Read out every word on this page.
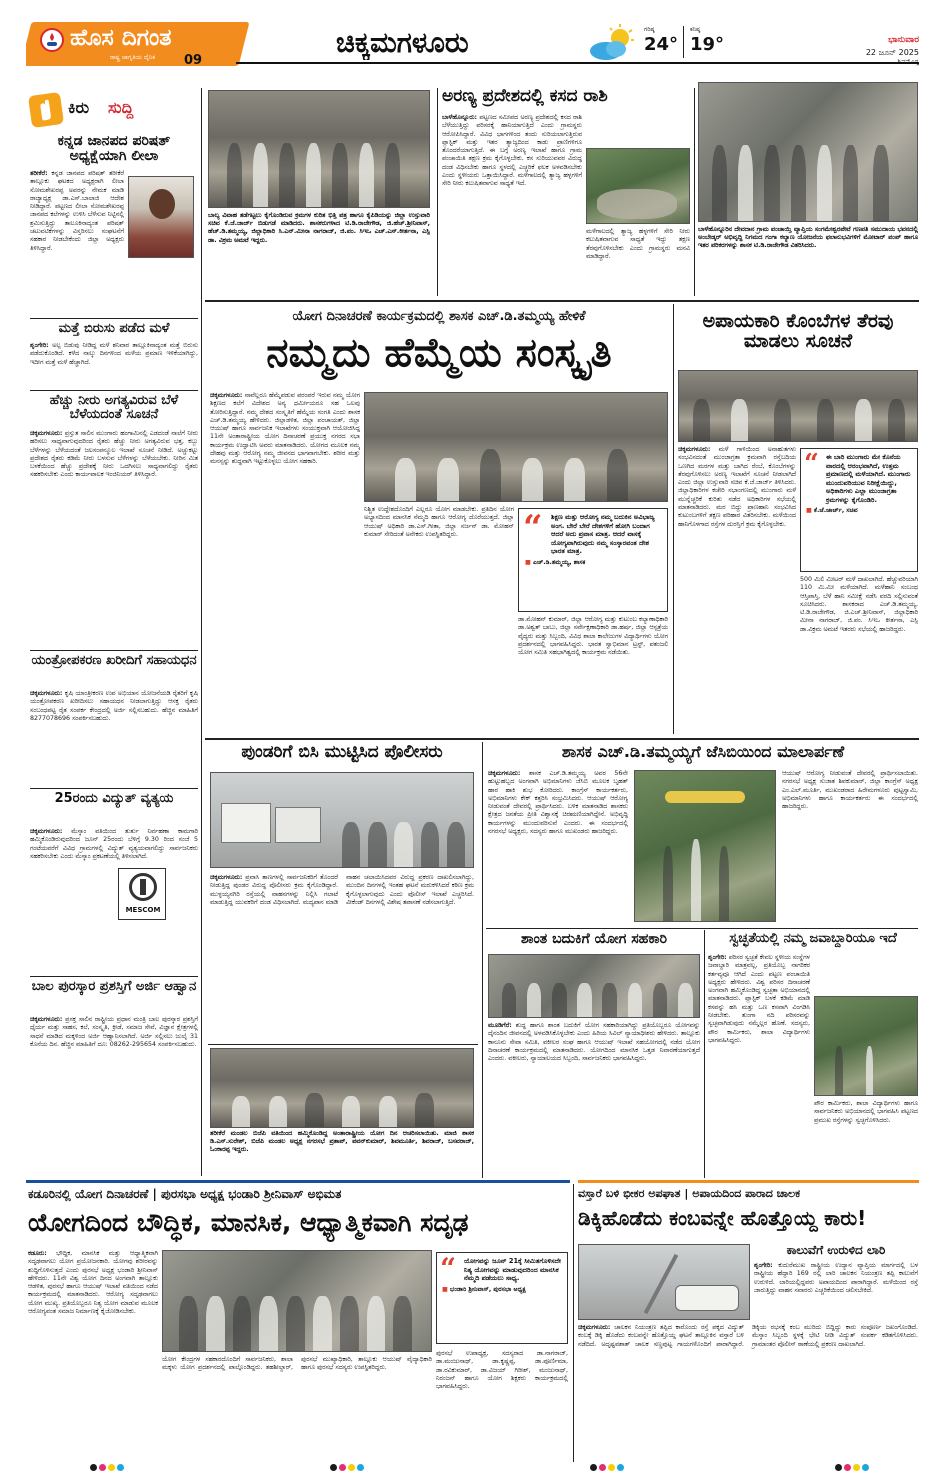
ಹೊಸ ದಿಗಂತ
ರಾಷ್ಟ್ರ ಜಾಗೃತಿಯ ದೈನಿಕ	09
ಚಿಕ್ಕಮಗಳೂರು	ಗರಿಷ್ಠ
24°
ಕನಿಷ್ಠ
19°	ಭಾನುವಾರ
22 ಜೂನ್ 2025
ಶಿವಮೊಗ್ಗ
ಕಿರು	ಸುದ್ದಿ
ಕನ್ನಡ ಜಾನಪದ ಪರಿಷತ್ ಅಧ್ಯಕ್ಷೆಯಾಗಿ ಲೀಲಾ
ತರೀಕೆರೆ: ಕನ್ನಡ ಜಾನಪದ ಪರಿಷತ್ ತರೀಕೆರೆ ತಾಲ್ಲೂಕು ಘಟಕದ ಅಧ್ಯಕ್ಷರಾಗಿ ಲೀಲಾ ಸೋಮಶೇಖರಪ್ಪ ಅವರನ್ನು ನೇಮಕ ಮಾಡಿ ರಾಜ್ಯಾಧ್ಯಕ್ಷ ಡಾ.ಎಸ್.ಬಾಲಾಜಿ ಆದೇಶ ನೀಡಿದ್ದಾರೆ. ಪಟ್ಟಣದ ಲೀಲಾ ಸೋಮಶೇಖರಪ್ಪ ಜಾನಪದ ಕಲೆಗಳನ್ನು ಉಳಿಸಿ ಬೆಳೆಸುವ ನಿಟ್ಟಿನಲ್ಲಿ ಶ್ರಮಿಸುತ್ತಿದ್ದು ತಾಲೂಕಿನಾದ್ಯಂತ ಪರಿಷತ್ ಚಟುವಟಿಕೆಗಳನ್ನು ವಿಸ್ತರಿಸಲು ಸಂಘಟನೆಗೆ ಸಹಕಾರ ನೀಡಬೇಕೆಂದು ಜಿಲ್ಲಾ ಅಧ್ಯಕ್ಷರು ತಿಳಿಸಿದ್ದಾರೆ.
ಮತ್ತೆ ಬಿರುಸು ಪಡೆದ ಮಳೆ
ಶೃಂಗೇರಿ: ಅಲ್ಪ ಬಿಡುವು ನೀಡಿದ್ದ ಮಳೆ ಶನಿವಾರ ತಾಲ್ಲೂಕಿನಾದ್ಯಂತ ಮತ್ತೆ ಬಿರುಸು ಪಡೆದುಕೊಂಡಿದೆ. ಕಳೆದ ನಾಲ್ಕು ದಿನಗಳಿಂದ ಮಳೆಯ ಪ್ರಮಾಣ ಇಳಿಕೆಯಾಗಿದ್ದು, ಇದೀಗ ಮತ್ತೆ ಮಳೆ ಹೆಚ್ಚಾಗಿದೆ.
ಹೆಚ್ಚು ನೀರು ಅಗತ್ಯವಿರುವ ಬೆಳೆ ಬೆಳೆಯದಂತೆ ಸೂಚನೆ
ಚಿಕ್ಕಮಗಳೂರು: ಪ್ರಸ್ತುತ ಸಾಲಿನ ಮುಂಗಾರು ಹಂಗಾಮಿನಲ್ಲಿ ಎಡದಂಡೆ ನಾಲೆಗೆ ನೀರು ಹರಿಸಲು ಸಾಧ್ಯವಾಗುವುದರಿಂದ ರೈತರು ಹೆಚ್ಚು ನೀರು ಅಗತ್ಯವಿರುವ ಭತ್ತ, ಕಬ್ಬು ಬೆಳೆಗಳನ್ನು ಬೆಳೆಯದಂತೆ ಜಲಸಂಪನ್ಮೂಲ ಇಲಾಖೆ ಸೂಚನೆ ನೀಡಿದೆ. ಅಚ್ಚುಕಟ್ಟು ಪ್ರದೇಶದ ರೈತರು ಕಡಿಮೆ ನೀರು ಬಳಸುವ ಬೆಳೆಗಳನ್ನು ಬೆಳೆಯಬೇಕು. ನೀರಿನ ಮಿತ ಬಳಕೆಯಿಂದ ಹೆಚ್ಚು ಪ್ರದೇಶಕ್ಕೆ ನೀರು ಒದಗಿಸಲು ಸಾಧ್ಯವಾಗಲಿದ್ದು ರೈತರು ಸಹಕರಿಸಬೇಕು ಎಂದು ಕಾರ್ಯಪಾಲಕ ಇಂಜಿನಿಯರ್ ತಿಳಿಸಿದ್ದಾರೆ.
ಯಂತ್ರೋಪಕರಣ ಖರೀದಿಗೆ ಸಹಾಯಧನ
ಚಿಕ್ಕಮಗಳೂರು: ಕೃಷಿ ಯಾಂತ್ರೀಕರಣ ಉಪ ಅಭಿಯಾನ ಯೋಜನೆಯಡಿ ರೈತರಿಗೆ ಕೃಷಿ ಯಂತ್ರೋಪಕರಣ ಖರೀದಿಸಲು ಸಹಾಯಧನ ನೀಡಲಾಗುತ್ತಿದ್ದು ಆಸಕ್ತ ರೈತರು ಸಂಬಂಧಪಟ್ಟ ರೈತ ಸಂಪರ್ಕ ಕೇಂದ್ರದಲ್ಲಿ ಅರ್ಜಿ ಸಲ್ಲಿಸಬಹುದು. ಹೆಚ್ಚಿನ ಮಾಹಿತಿಗೆ 8277078696 ಸಂಪರ್ಕಿಸಬಹುದು.
25ರಂದು ವಿದ್ಯುತ್ ವ್ಯತ್ಯಯ
ಚಿಕ್ಕಮಗಳೂರು: ಮೆಸ್ಕಾಂ ವತಿಯಿಂದ ತುರ್ತು ನಿರ್ವಹಣಾ ಕಾಮಗಾರಿ ಹಮ್ಮಿಕೊಂಡಿರುವುದರಿಂದ ಜೂನ್ 25ರಂದು ಬೆಳಿಗ್ಗೆ 9.30 ರಿಂದ ಸಂಜೆ 5 ಗಂಟೆಯವರೆಗೆ ವಿವಿಧ ಗ್ರಾಮಗಳಲ್ಲಿ ವಿದ್ಯುತ್ ವ್ಯತ್ಯಯವಾಗಲಿದ್ದು ಸಾರ್ವಜನಿಕರು ಸಹಕರಿಸಬೇಕು ಎಂದು ಮೆಸ್ಕಾಂ ಪ್ರಕಟಣೆಯಲ್ಲಿ ತಿಳಿಸಲಾಗಿದೆ.
MESCOM
ಬಾಲ ಪುರಸ್ಕಾರ ಪ್ರಶಸ್ತಿಗೆ ಅರ್ಜಿ ಆಹ್ವಾನ
ಚಿಕ್ಕಮಗಳೂರು: ಪ್ರಸಕ್ತ ಸಾಲಿನ ರಾಷ್ಟ್ರೀಯ ಪ್ರಧಾನ ಮಂತ್ರಿ ಬಾಲ ಪುರಸ್ಕಾರ ಪ್ರಶಸ್ತಿಗೆ ಧೈರ್ಯ ಮತ್ತು ಸಾಹಸ, ಕಲೆ, ಸಂಸ್ಕೃತಿ, ಕ್ರೀಡೆ, ಸಮಾಜ ಸೇವೆ, ವಿಜ್ಞಾನ ಕ್ಷೇತ್ರಗಳಲ್ಲಿ ಸಾಧನೆ ಮಾಡಿದ ಮಕ್ಕಳಿಂದ ಅರ್ಜಿ ಆಹ್ವಾನಿಸಲಾಗಿದೆ. ಅರ್ಜಿ ಸಲ್ಲಿಸಲು ಜುಲೈ 31 ಕೊನೆಯ ದಿನ. ಹೆಚ್ಚಿನ ಮಾಹಿತಿಗೆ ದೂ: 08262-295654 ಸಂಪರ್ಕಿಸಬಹುದು.
ಬಾಲ್ಯ ವಿವಾಹ ತಡೆಗಟ್ಟಲು ಕೈಗೊಂಡಿರುವ ಕ್ರಮಗಳ ಕುರಿತ ಭಿತ್ತಿ ಪತ್ರ ಹಾಗೂ ಕೈಪಿಡಿಯನ್ನು ಜಿಲ್ಲಾ ಉಸ್ತುವಾರಿ ಸಚಿವ ಕೆ.ಜೆ.ಜಾರ್ಜ್ ಬಿಡುಗಡೆ ಮಾಡಿದರು. ಶಾಸಕರುಗಳಾದ ಟಿ.ಡಿ.ರಾಜೇಗೌಡ, ಜಿ.ಹೆಚ್.ಶ್ರೀನಿವಾಸ್, ಹೆಚ್.ಡಿ.ತಮ್ಮಯ್ಯ, ಜಿಲ್ಲಾಧಿಕಾರಿ ಸಿ.ಎನ್.ಮೀನಾ ನಾಗರಾಜ್, ಜಿ.ಪಂ. ಸಿಇಒ ಎಚ್.ಎಸ್.ಕೀರ್ತನಾ, ಎಸ್ಪಿ ಡಾ. ವಿಕ್ರಮ ಅಮಟೆ ಇದ್ದರು.
ಅರಣ್ಯ ಪ್ರದೇಶದಲ್ಲಿ ಕಸದ ರಾಶಿ
ಬಾಳೆಹೊನ್ನೂರು: ಪಟ್ಟಣದ ಸಮೀಪದ ಅರಣ್ಯ ಪ್ರದೇಶದಲ್ಲಿ ಕಸದ ರಾಶಿ ಬೆಳೆಯುತ್ತಿದ್ದು ಪರಿಸರಕ್ಕೆ ಹಾನಿಯಾಗುತ್ತಿದೆ ಎಂದು ಗ್ರಾಮಸ್ಥರು ಆರೋಪಿಸಿದ್ದಾರೆ. ವಿವಿಧ ಭಾಗಗಳಿಂದ ತಂದು ಸುರಿಯಲಾಗುತ್ತಿರುವ ಪ್ಲಾಸ್ಟಿಕ್ ಮತ್ತು ಇತರ ತ್ಯಾಜ್ಯದಿಂದ ಕಾಡು ಪ್ರಾಣಿಗಳಿಗೂ ತೊಂದರೆಯಾಗುತ್ತಿದೆ. ಈ ಬಗ್ಗೆ ಅರಣ್ಯ ಇಲಾಖೆ ಹಾಗೂ ಗ್ರಾಮ ಪಂಚಾಯಿತಿ ತಕ್ಷಣ ಕ್ರಮ ಕೈಗೊಳ್ಳಬೇಕು. ಕಸ ಸುರಿಯುವವರ ವಿರುದ್ಧ ದಂಡ ವಿಧಿಸಬೇಕು ಹಾಗೂ ಸ್ಥಳದಲ್ಲಿ ಎಚ್ಚರಿಕೆ ಫಲಕ ಅಳವಡಿಸಬೇಕು ಎಂದು ಸ್ಥಳೀಯರು ಒತ್ತಾಯಿಸಿದ್ದಾರೆ. ಮಳೆಗಾಲದಲ್ಲಿ ತ್ಯಾಜ್ಯ ಹಳ್ಳಗಳಿಗೆ ಸೇರಿ ನೀರು ಕಲುಷಿತವಾಗುವ ಸಾಧ್ಯತೆ ಇದೆ.
ಮಳೆಗಾಲದಲ್ಲಿ ತ್ಯಾಜ್ಯ ಹಳ್ಳಗಳಿಗೆ ಸೇರಿ ನೀರು ಕಲುಷಿತವಾಗುವ ಸಾಧ್ಯತೆ ಇದ್ದು ತಕ್ಷಣ ತೆರವುಗೊಳಿಸಬೇಕು ಎಂದು ಗ್ರಾಮಸ್ಥರು ಮನವಿ ಮಾಡಿದ್ದಾರೆ.
ಬಾಳೆಹೊನ್ನೂರಿನ ದೇವದಾನ ಗ್ರಾಮ ಪಂಚಾಯ್ತಿ ವ್ಯಾಪ್ತಿಯ ಸಂಗಮೇಶ್ವರಪೇಟೆ ಗಣಪತಿ ಸಮುದಾಯ ಭವನದಲ್ಲಿ ಅಂಬೇಡ್ಕರ್ ಅಭಿವೃದ್ಧಿ ನಿಗಮದ ಗಂಗಾ ಕಲ್ಯಾಣ ಯೋಜನೆಯ ಫಲಾನುಭವಿಗಳಿಗೆ ಮೋಟಾರ್ ಪಂಪ್ ಹಾಗೂ ಇತರ ಪರಿಕರಗಳನ್ನು ಶಾಸಕ ಟಿ.ಡಿ.ರಾಜೇಗೌಡ ವಿತರಿಸಿದರು.
ಯೋಗ ದಿನಾಚರಣೆ ಕಾರ್ಯಕ್ರಮದಲ್ಲಿ ಶಾಸಕ ಎಚ್.ಡಿ.ತಮ್ಮಯ್ಯ ಹೇಳಿಕೆ
ನಮ್ಮದು ಹೆಮ್ಮೆಯ ಸಂಸ್ಕೃತಿ
ಚಿಕ್ಕಮಗಳೂರು: ನಾವೆಲ್ಲರೂ ಹೆಮ್ಮೆಪಡುವ ಪರಂಪರೆ ಇರುವ ನಮ್ಮ ಯೋಗ ಶಿಕ್ಷಣದ ಕಲೆಗೆ ವಿದೇಶದ ಅನ್ಯ ಧರ್ಮೀಯರೂ ಸಹ ಒಲವು ತೋರಿಸುತ್ತಿದ್ದಾರೆ. ನಮ್ಮ ದೇಶದ ಸಂಸ್ಕೃತಿಗೆ ಹೆಮ್ಮೆಯ ಸಂಗತಿ ಎಂದು ಶಾಸಕ ಎಚ್.ಡಿ.ತಮ್ಮಯ್ಯ ಹೇಳಿದರು. ಜಿಲ್ಲಾಡಳಿತ, ಜಿಲ್ಲಾ ಪಂಚಾಯತ್, ಜಿಲ್ಲಾ ಆಯುಷ್ ಹಾಗೂ ಸಾರ್ವಜನಿಕ ಇಲಾಖೆಗಳು ಸಂಯುಕ್ತವಾಗಿ ಆಯೋಜಿಸಿದ್ದ 11ನೇ ಅಂತಾರಾಷ್ಟ್ರೀಯ ಯೋಗ ದಿನಾಚರಣೆ ಪ್ರಯುಕ್ತ ನಗರದ ಸಭಾ ಕಾರ್ಯಕ್ರಮ ಉದ್ಘಾಟಿಸಿ ಅವರು ಮಾತನಾಡಿದರು. ಯೋಗದ ಮೂಲಕ ನಮ್ಮ ದೇಹವು ಮತ್ತು ಆರೋಗ್ಯ ನಮ್ಮ ಜೀವನದ ಭಾಗವಾಗಬೇಕು. ಶರೀರ ಮತ್ತು ಮನಸ್ಸನ್ನು ಶುದ್ಧವಾಗಿ ಇಟ್ಟುಕೊಳ್ಳಲು ಯೋಗ ಸಹಕಾರಿ.
ನಿಶ್ಚಿತ ಉದ್ದೇಶದೊಂದಿಗೆ ಎಲ್ಲರೂ ಯೋಗ ಮಾಡಬೇಕು. ಪ್ರತಿದಿನ ಯೋಗ ಅಭ್ಯಾಸದಿಂದ ಮಾನಸಿಕ ನೆಮ್ಮದಿ ಹಾಗೂ ಆರೋಗ್ಯ ದೊರೆಯುತ್ತದೆ. ಜಿಲ್ಲಾ ಆಯುಷ್ ಅಧಿಕಾರಿ ಡಾ.ಎಸ್.ಗೀತಾ, ಜಿಲ್ಲಾ ಸರ್ಜನ್ ಡಾ. ಮೋಹನ್ ಕುಮಾರ್ ಸೇರಿದಂತೆ ಅನೇಕರು ಉಪಸ್ಥಿತರಿದ್ದರು.	“ ಶಿಕ್ಷಣ ಮತ್ತು ಆರೋಗ್ಯ ನಮ್ಮ ಬದುಕಿನ ಅವಿಭಾಜ್ಯ ಅಂಗ. ಬೇರೆ ಬೇರೆ ದೇಶಗಳಿಗೆ ಹೋಗಿ ಬಂದಾಗ ಆದರೆ ಅದು ಪ್ರವಾಸ ಮಾತ್ರ. ಆದರೆ ವಾಸಕ್ಕೆ ಯೋಗ್ಯವಾಗಿರುವುದು ನಮ್ಮ ಸಂಸ್ಕಾರವಂತ ದೇಶ ಭಾರತ ಮಾತ್ರ.
■ ಎಚ್.ಡಿ.ತಮ್ಮಯ್ಯ, ಶಾಸಕ
ಡಾ.ಮೋಹನ್ ಕುಮಾರ್, ಜಿಲ್ಲಾ ಆರೋಗ್ಯ ಮತ್ತು ಕುಟುಂಬ ಕಲ್ಯಾಣಾಧಿಕಾರಿ ಡಾ.ಅಶ್ವತ್ ಬಾಬು, ಜಿಲ್ಲಾ ಸರ್ವೇಕ್ಷಣಾಧಿಕಾರಿ ಡಾ.ಹರ್ಷ, ಜಿಲ್ಲಾ ಆಸ್ಪತ್ರೆಯ ವೈದ್ಯರು ಮತ್ತು ಸಿಬ್ಬಂದಿ, ವಿವಿಧ ಶಾಲಾ ಕಾಲೇಜುಗಳ ವಿದ್ಯಾರ್ಥಿಗಳು ಯೋಗ ಪ್ರದರ್ಶನದಲ್ಲಿ ಭಾಗವಹಿಸಿದ್ದರು. ಭಾರತ ಸ್ವಾಭಿಮಾನ ಟ್ರಸ್ಟ್, ಪತಂಜಲಿ ಯೋಗ ಸಮಿತಿ ಸಹಭಾಗಿತ್ವದಲ್ಲಿ ಕಾರ್ಯಕ್ರಮ ನಡೆಯಿತು.
ಅಪಾಯಕಾರಿ ಕೊಂಬೆಗಳ ತೆರವು ಮಾಡಲು ಸೂಚನೆ
ಚಿಕ್ಕಮಗಳೂರು: ಮಳೆ ಗಾಳಿಯಿಂದ ಅನಾಹುತಗಳು ಸಂಭವಿಸದಂತೆ ಮುಂಜಾಗ್ರತಾ ಕ್ರಮವಾಗಿ ರಸ್ತೆಬದಿಯ ಒಣಗಿದ ಮರಗಳ ಮತ್ತು ಬಾಗಿದ ರೆಂಬೆ, ಕೊಂಬೆಗಳನ್ನು ತೆರವುಗೊಳಿಸಲು ಅರಣ್ಯ ಇಲಾಖೆಗೆ ಸೂಚನೆ ನೀಡಲಾಗಿದೆ ಎಂದು ಜಿಲ್ಲಾ ಉಸ್ತುವಾರಿ ಸಚಿವ ಕೆ.ಜೆ.ಜಾರ್ಜ್ ತಿಳಿಸಿದರು. ಜಿಲ್ಲಾಧಿಕಾರಿಗಳ ಕಚೇರಿ ಸಭಾಂಗಣದಲ್ಲಿ ಮುಂಗಾರು ಮಳೆ ಮುನ್ನೆಚ್ಚರಿಕೆ ಕುರಿತು ನಡೆದ ಅಧಿಕಾರಿಗಳ ಸಭೆಯಲ್ಲಿ ಮಾತನಾಡಿದರು. ಮರ ಬಿದ್ದು ಪ್ರಾಣಹಾನಿ ಸಂಭವಿಸಿದ ಕುಟುಂಬಗಳಿಗೆ ತಕ್ಷಣ ಪರಿಹಾರ ವಿತರಿಸಬೇಕು. ಮಳೆಯಿಂದ ಹಾನಿಗೊಳಗಾದ ರಸ್ತೆಗಳ ದುರಸ್ತಿಗೆ ಕ್ರಮ ಕೈಗೊಳ್ಳಬೇಕು.
“ ಈ ಬಾರಿ ಮುಂಗಾರು ಮೇ ಕೊನೆಯ ವಾರದಲ್ಲಿ ಆರಂಭವಾಗಿದೆ, ಉತ್ತಮ ಪ್ರಮಾಣದಲ್ಲಿ ಮಳೆಯಾಗಿದೆ. ಮುಂಗಾರು ಮುಂದುವರಿಯುವ ನಿರೀಕ್ಷೆಯಿದ್ದು, ಅಧಿಕಾರಿಗಳು ಎಲ್ಲಾ ಮುಂಜಾಗ್ರತಾ ಕ್ರಮಗಳನ್ನು ಕೈಗೊಂಡಿರಿ.
■ ಕೆ.ಜೆ.ಜಾರ್ಜ್, ಸಚಿವ
500 ಮಿಲಿ ಮೀಟರ್ ಮಳೆ ದಾಖಲಾಗಿದೆ. ಹೆಚ್ಚುವರಿಯಾಗಿ 110 ಮಿ.ಮೀ ಮಳೆಯಾಗಿದೆ. ಮಳೆಹಾನಿ ಸಂಬಂಧ ಆಸ್ತಿಪಾಸ್ತಿ, ಬೆಳೆ ಹಾನಿ ಸಮೀಕ್ಷೆ ನಡೆಸಿ ವರದಿ ಸಲ್ಲಿಸುವಂತೆ ಸೂಚಿಸಿದರು. ಶಾಸಕರಾದ ಎಚ್.ಡಿ.ತಮ್ಮಯ್ಯ, ಟಿ.ಡಿ.ರಾಜೇಗೌಡ, ಜಿ.ಎಚ್.ಶ್ರೀನಿವಾಸ್, ಜಿಲ್ಲಾಧಿಕಾರಿ ಮೀನಾ ನಾಗರಾಜ್, ಜಿ.ಪಂ. ಸಿಇಒ ಕೀರ್ತನಾ, ಎಸ್ಪಿ ಡಾ.ವಿಕ್ರಮ ಅಮಟೆ ಇತರರು ಸಭೆಯಲ್ಲಿ ಹಾಜರಿದ್ದರು.
ಪುಂಡರಿಗೆ ಬಿಸಿ ಮುಟ್ಟಿಸಿದ ಪೊಲೀಸರು
ಚಿಕ್ಕಮಗಳೂರು: ಪ್ರವಾಸಿ ತಾಣಗಳಲ್ಲಿ ಸಾರ್ವಜನಿಕರಿಗೆ ತೊಂದರೆ ನೀಡುತ್ತಿದ್ದ ಪುಂಡರ ವಿರುದ್ಧ ಪೊಲೀಸರು ಕ್ರಮ ಕೈಗೊಂಡಿದ್ದಾರೆ. ಮುಳ್ಳಯ್ಯನಗಿರಿ ರಸ್ತೆಯಲ್ಲಿ ವಾಹನಗಳನ್ನು ನಿಲ್ಲಿಸಿ ಗಲಾಟೆ ಮಾಡುತ್ತಿದ್ದ ಯುವಕರಿಗೆ ದಂಡ ವಿಧಿಸಲಾಗಿದೆ. ಮದ್ಯಪಾನ ಮಾಡಿ ವಾಹನ ಚಲಾಯಿಸಿದವರ ವಿರುದ್ಧ ಪ್ರಕರಣ ದಾಖಲಿಸಲಾಗಿದ್ದು, ಮುಂದಿನ ದಿನಗಳಲ್ಲಿ ಇಂತಹ ಘಟನೆ ಮರುಕಳಿಸಿದರೆ ಕಠಿಣ ಕ್ರಮ ಕೈಗೊಳ್ಳಲಾಗುವುದು ಎಂದು ಪೊಲೀಸ್ ಇಲಾಖೆ ಎಚ್ಚರಿಸಿದೆ. ವೀಕೆಂಡ್ ದಿನಗಳಲ್ಲಿ ವಿಶೇಷ ತಪಾಸಣೆ ನಡೆಸಲಾಗುತ್ತಿದೆ.
ತರೀಕೆರೆ ಮಂಡಲ ಬಿಜೆಪಿ ವತಿಯಿಂದ ಹಮ್ಮಿಕೊಂಡಿದ್ದ ಅಂತಾರಾಷ್ಟ್ರೀಯ ಯೋಗ ದಿನ ಆಚರಿಸಲಾಯಿತು. ಮಾಜಿ ಶಾಸಕ ಡಿ.ಎಸ್.ಸುರೇಶ್, ಬಿಜೆಪಿ ಮಂಡಲ ಅಧ್ಯಕ್ಷ ನಗರಸಭೆ ಪ್ರತಾಪ್, ಪವನ್‌ಕುಮಾರ್, ಶಿವಮೂರ್ತಿ, ಶಿವರಾಜ್, ಬಸವರಾಜ್, ಓಂಕಾರಪ್ಪ ಇದ್ದರು.
ಶಾಸಕ ಎಚ್.ಡಿ.ತಮ್ಮಯ್ಯಗೆ ಜೆಸಿಬಿಯಿಂದ ಮಾಲಾರ್ಪಣೆ
ಚಿಕ್ಕಮಗಳೂರು: ಶಾಸಕ ಎಚ್.ಡಿ.ತಮ್ಮಯ್ಯ ಅವರ 56ನೇ ಹುಟ್ಟುಹಬ್ಬದ ಅಂಗವಾಗಿ ಅಭಿಮಾನಿಗಳು ಜೆಸಿಬಿ ಮೂಲಕ ಬೃಹತ್ ಹಾರ ಹಾಕಿ ಶುಭ ಕೋರಿದರು. ಕಾಂಗ್ರೆಸ್ ಕಾರ್ಯಕರ್ತರು, ಅಭಿಮಾನಿಗಳು ಕೇಕ್ ಕತ್ತರಿಸಿ ಸಂಭ್ರಮಿಸಿದರು. ಆಯುಷ್ ಆರೋಗ್ಯ ನೀಡುವಂತೆ ದೇವರಲ್ಲಿ ಪ್ರಾರ್ಥಿಸಿದರು. ಬಳಿಕ ಮಾತನಾಡಿದ ಶಾಸಕರು ಕ್ಷೇತ್ರದ ಜನತೆಯ ಪ್ರೀತಿ ವಿಶ್ವಾಸಕ್ಕೆ ಚಿರಋಣಿಯಾಗಿದ್ದೇನೆ. ಅಭಿವೃದ್ಧಿ ಕಾರ್ಯಗಳನ್ನು ಮುಂದುವರಿಸುವೆ ಎಂದರು. ಈ ಸಂದರ್ಭದಲ್ಲಿ ನಗರಸಭೆ ಅಧ್ಯಕ್ಷರು, ಸದಸ್ಯರು ಹಾಗೂ ಮುಖಂಡರು ಹಾಜರಿದ್ದರು.
ಆಯುಷ್ ಆರೋಗ್ಯ ನೀಡುವಂತೆ ದೇವರಲ್ಲಿ ಪ್ರಾರ್ಥಿಸಲಾಯಿತು. ನಗರಸಭೆ ಅಧ್ಯಕ್ಷ ಸುಜಾತ ಶಿವಕುಮಾರ್, ಜಿಲ್ಲಾ ಕಾಂಗ್ರೆಸ್ ಅಧ್ಯಕ್ಷ ಎಂ.ಎಲ್.ಮೂರ್ತಿ, ಮುಖಂಡರಾದ ಹಿರೇಮಗಳೂರು ಪುಟ್ಟಸ್ವಾಮಿ, ಅಭಿಮಾನಿಗಳು ಹಾಗೂ ಕಾರ್ಯಕರ್ತರು ಈ ಸಂದರ್ಭದಲ್ಲಿ ಹಾಜರಿದ್ದರು.
ಶಾಂತ ಬದುಕಿಗೆ ಯೋಗ ಸಹಕಾರಿ
ಮೂಡಿಗೆರೆ: ಶುದ್ಧ ಹಾಗೂ ಶಾಂತ ಬದುಕಿಗೆ ಯೋಗ ಸಹಕಾರಿಯಾಗಿದ್ದು ಪ್ರತಿಯೊಬ್ಬರೂ ಯೋಗವನ್ನು ದೈನಂದಿನ ಜೀವನದಲ್ಲಿ ಅಳವಡಿಸಿಕೊಳ್ಳಬೇಕು ಎಂದು ಹಿರಿಯ ಸಿವಿಲ್ ನ್ಯಾಯಾಧೀಶರು ಹೇಳಿದರು. ತಾಲ್ಲೂಕು ಕಾನೂನು ಸೇವಾ ಸಮಿತಿ, ವಕೀಲರ ಸಂಘ ಹಾಗೂ ಆಯುಷ್ ಇಲಾಖೆ ಸಹಯೋಗದಲ್ಲಿ ನಡೆದ ಯೋಗ ದಿನಾಚರಣೆ ಕಾರ್ಯಕ್ರಮದಲ್ಲಿ ಮಾತನಾಡಿದರು. ಯೋಗದಿಂದ ಮಾನಸಿಕ ಒತ್ತಡ ನಿವಾರಣೆಯಾಗುತ್ತದೆ ಎಂದರು. ವಕೀಲರು, ನ್ಯಾಯಾಲಯದ ಸಿಬ್ಬಂದಿ, ಸಾರ್ವಜನಿಕರು ಭಾಗವಹಿಸಿದ್ದರು.
ಸ್ವಚ್ಛತೆಯಲ್ಲಿ ನಮ್ಮ ಜವಾಬ್ದಾರಿಯೂ ಇದೆ
ಶೃಂಗೇರಿ: ಪರಿಸರ ಸ್ವಚ್ಛತೆ ಕೇವಲ ಸ್ಥಳೀಯ ಸಂಸ್ಥೆಗಳ ಜವಾಬ್ದಾರಿ ಮಾತ್ರವಲ್ಲ, ಪ್ರತಿಯೊಬ್ಬ ನಾಗರಿಕರ ಕರ್ತವ್ಯವೂ ಆಗಿದೆ ಎಂದು ಪಟ್ಟಣ ಪಂಚಾಯಿತಿ ಅಧ್ಯಕ್ಷರು ಹೇಳಿದರು. ವಿಶ್ವ ಪರಿಸರ ದಿನಾಚರಣೆ ಅಂಗವಾಗಿ ಹಮ್ಮಿಕೊಂಡಿದ್ದ ಸ್ವಚ್ಛತಾ ಅಭಿಯಾನದಲ್ಲಿ ಮಾತನಾಡಿದರು. ಪ್ಲಾಸ್ಟಿಕ್ ಬಳಕೆ ಕಡಿಮೆ ಮಾಡಿ ಕಸವನ್ನು ಹಸಿ ಮತ್ತು ಒಣ ಕಸವಾಗಿ ವಿಂಗಡಿಸಿ ನೀಡಬೇಕು. ತುಂಗಾ ನದಿ ಪರಿಸರವನ್ನು ಸ್ವಚ್ಛವಾಗಿಡುವುದು ನಮ್ಮೆಲ್ಲರ ಹೊಣೆ. ಸದಸ್ಯರು, ಪೌರ ಕಾರ್ಮಿಕರು, ಶಾಲಾ ವಿದ್ಯಾರ್ಥಿಗಳು ಭಾಗವಹಿಸಿದ್ದರು.
ಪೌರ ಕಾರ್ಮಿಕರು, ಶಾಲಾ ವಿದ್ಯಾರ್ಥಿಗಳು ಹಾಗೂ ಸಾರ್ವಜನಿಕರು ಅಭಿಯಾನದಲ್ಲಿ ಭಾಗವಹಿಸಿ ಪಟ್ಟಣದ ಪ್ರಮುಖ ರಸ್ತೆಗಳನ್ನು ಸ್ವಚ್ಛಗೊಳಿಸಿದರು.
ಕಡೂರಿನಲ್ಲಿ ಯೋಗ ದಿನಾಚರಣೆ | ಪುರಸಭಾ ಅಧ್ಯಕ್ಷ ಭಂಡಾರಿ ಶ್ರೀನಿವಾಸ್ ಅಭಿಮತ
ಯೋಗದಿಂದ ಬೌದ್ಧಿಕ, ಮಾನಸಿಕ, ಆಧ್ಯಾತ್ಮಿಕವಾಗಿ ಸದೃಢ
ಕಡೂರು: ಭೌದ್ಧಿಕ, ಮಾನಸಿಕ ಮತ್ತು ಆಧ್ಯಾತ್ಮಿಕವಾಗಿ ಸದೃಢವಾಗಲು ಯೋಗ ಪ್ರಯೋಜನಕಾರಿ. ಯೋಗವು ಶರೀರವನ್ನು ಶುದ್ಧಿಗೊಳಿಸುತ್ತದೆ ಎಂದು ಪುರಸಭೆ ಅಧ್ಯಕ್ಷ ಭಂಡಾರಿ ಶ್ರೀನಿವಾಸ್ ಹೇಳಿದರು. 11ನೇ ವಿಶ್ವ ಯೋಗ ದಿನದ ಅಂಗವಾಗಿ ತಾಲ್ಲೂಕು ಆಡಳಿತ, ಪುರಸಭೆ ಹಾಗೂ ಆಯುಷ್ ಇಲಾಖೆ ವತಿಯಿಂದ ನಡೆದ ಕಾರ್ಯಕ್ರಮದಲ್ಲಿ ಮಾತನಾಡಿದರು. ಆರೋಗ್ಯ ಸದೃಢವಾಗಲು ಯೋಗ ಮುಖ್ಯ. ಪ್ರತಿಯೊಬ್ಬರೂ ನಿತ್ಯ ಯೋಗ ಮಾಡುವ ಮೂಲಕ ಆರೋಗ್ಯವಂತ ಸಮಾಜ ನಿರ್ಮಾಣಕ್ಕೆ ಕೈಜೋಡಿಸಬೇಕು.
ಯೋಗ ಕೇಂದ್ರಗಳ ಸಹಕಾರದೊಂದಿಗೆ ಸಾರ್ವಜನಿಕರು, ಶಾಲಾ ಮಕ್ಕಳು ಯೋಗ ಪ್ರದರ್ಶನದಲ್ಲಿ ಪಾಲ್ಗೊಂಡಿದ್ದರು. ತಹಶೀಲ್ದಾರ್, ಪುರಸಭೆ ಮುಖ್ಯಾಧಿಕಾರಿ, ತಾಲ್ಲೂಕು ಆಯುಷ್ ವೈದ್ಯಾಧಿಕಾರಿ ಹಾಗೂ ಪುರಸಭೆ ಸದಸ್ಯರು ಉಪಸ್ಥಿತರಿದ್ದರು.
“ ಯೋಗವನ್ನು ಜೂನ್ 21ಕ್ಕೆ ಸೀಮಿತಗೊಳಿಸದೇ ನಿತ್ಯ ಯೋಗವನ್ನು ಮಾಡುವುದರಿಂದ ಮಾನಸಿಕ ನೆಮ್ಮದಿ ಪಡೆಯಲು ಸಾಧ್ಯ.
■ ಭಂಡಾರಿ ಶ್ರೀನಿವಾಸ್, ಪುರಸಭಾ ಅಧ್ಯಕ್ಷ
ಪುರಸಭೆ ಉಪಾಧ್ಯಕ್ಷ, ಸದಸ್ಯರಾದ ಡಾ.ನಾಗರಾಜ್, ಡಾ.ಮಂಜುನಾಥ್, ಡಾ.ಕೃಷ್ಣಪ್ಪ, ಡಾ.ಪೂರ್ಣಿಮಾ, ಡಾ.ರವಿಕುಮಾರ್, ಡಾ.ವಿಜಯ್ ಗಿರೀಶ್, ಮಂಜುನಾಥ್, ನಿರಂಜನ್ ಹಾಗೂ ಯೋಗ ಶಿಕ್ಷಕರು ಕಾರ್ಯಕ್ರಮದಲ್ಲಿ ಭಾಗವಹಿಸಿದ್ದರು.
ವಸ್ತಾರೆ ಬಳಿ ಭೀಕರ ಅಪಘಾತ | ಅಪಾಯದಿಂದ ಪಾರಾದ ಚಾಲಕ
ಡಿಕ್ಕಿಹೊಡೆದು ಕಂಬವನ್ನೇ ಹೊತ್ತೊಯ್ದ ಕಾರು!
ಚಿಕ್ಕಮಗಳೂರು: ಚಾಲಕನ ನಿಯಂತ್ರಣ ತಪ್ಪಿದ ಕಾರೊಂದು ರಸ್ತೆ ಪಕ್ಕದ ವಿದ್ಯುತ್ ಕಂಬಕ್ಕೆ ಡಿಕ್ಕಿ ಹೊಡೆದು ಕಂಬವನ್ನೇ ಹೊತ್ತೊಯ್ದ ಘಟನೆ ತಾಲ್ಲೂಕಿನ ವಸ್ತಾರೆ ಬಳಿ ನಡೆದಿದೆ. ಅದೃಷ್ಟವಶಾತ್ ಚಾಲಕ ಸಣ್ಣಪುಟ್ಟ ಗಾಯಗಳೊಂದಿಗೆ ಪಾರಾಗಿದ್ದಾರೆ. ಡಿಕ್ಕಿಯ ರಭಸಕ್ಕೆ ಕಂಬ ಮುರಿದು ಬಿದ್ದಿದ್ದು ಕಾರು ಸಂಪೂರ್ಣ ಜಖಂಗೊಂಡಿದೆ. ಮೆಸ್ಕಾಂ ಸಿಬ್ಬಂದಿ ಸ್ಥಳಕ್ಕೆ ಭೇಟಿ ನೀಡಿ ವಿದ್ಯುತ್ ಸಂಪರ್ಕ ಕಡಿತಗೊಳಿಸಿದರು. ಗ್ರಾಮಾಂತರ ಪೊಲೀಸ್ ಠಾಣೆಯಲ್ಲಿ ಪ್ರಕರಣ ದಾಖಲಾಗಿದೆ.
ಕಾಲುವೆಗೆ ಉರುಳಿದ ಲಾರಿ
ಶೃಂಗೇರಿ: ಕುದುರೆಮುಖ ರಾಷ್ಟ್ರೀಯ ಉದ್ಯಾನ ವ್ಯಾಪ್ತಿಯ ಮಾರ್ಗದಲ್ಲಿ ಬಳ ರಾಷ್ಟ್ರೀಯ ಹೆದ್ದಾರಿ 169 ರಲ್ಲಿ ಲಾರಿ ಚಾಲಕನ ನಿಯಂತ್ರಣ ತಪ್ಪಿ ಕಾಲುವೆಗೆ ಉರುಳಿದೆ. ಲಾರಿಯಲ್ಲಿದ್ದವರು ಅಪಾಯದಿಂದ ಪಾರಾಗಿದ್ದಾರೆ. ಮಳೆಯಿಂದ ರಸ್ತೆ ಜಾರುತ್ತಿದ್ದು ವಾಹನ ಸವಾರರು ಎಚ್ಚರಿಕೆಯಿಂದ ಚಲಿಸಬೇಕಿದೆ.
